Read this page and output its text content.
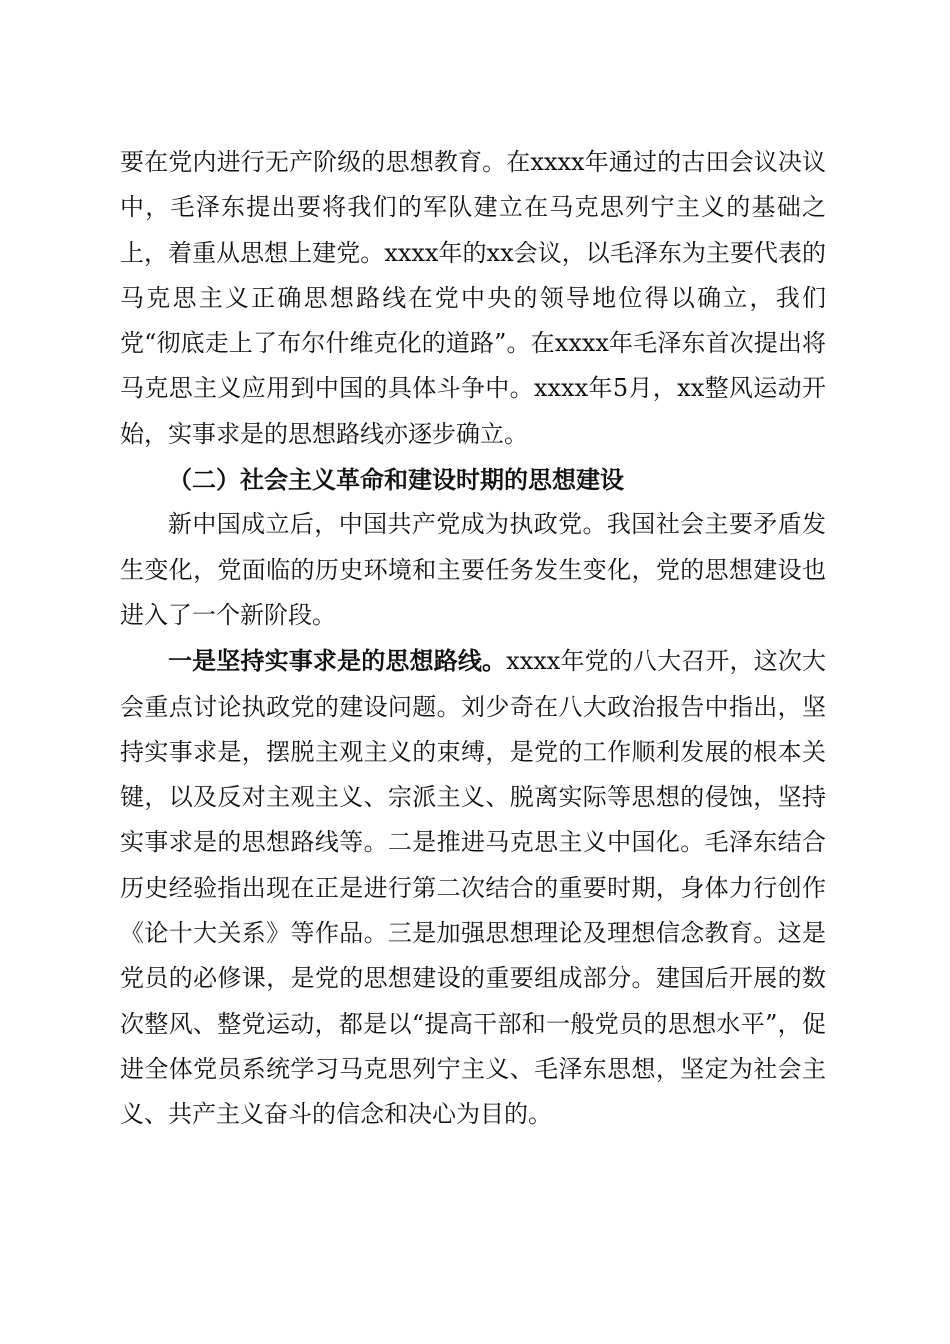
要在党内进行无产阶级的思想教育。在xxxx年通过的古田会议决议中，毛泽东提出要将我们的军队建立在马克思列宁主义的基础之上，着重从思想上建党。xxxx年的xx会议，以毛泽东为主要代表的马克思主义正确思想路线在党中央的领导地位得以确立，我们党“彻底走上了布尔什维克化的道路”。在xxxx年毛泽东首次提出将马克思主义应用到中国的具体斗争中。xxxx年5月，xx整风运动开始，实事求是的思想路线亦逐步确立。

（二）社会主义革命和建设时期的思想建设

新中国成立后，中国共产党成为执政党。我国社会主要矛盾发生变化，党面临的历史环境和主要任务发生变化，党的思想建设也进入了一个新阶段。

一是坚持实事求是的思想路线。xxxx年党的八大召开，这次大会重点讨论执政党的建设问题。刘少奇在八大政治报告中指出，坚持实事求是，摆脱主观主义的束缚，是党的工作顺利发展的根本关键，以及反对主观主义、宗派主义、脱离实际等思想的侵蚀，坚持实事求是的思想路线等。二是推进马克思主义中国化。毛泽东结合历史经验指出现在正是进行第二次结合的重要时期，身体力行创作《论十大关系》等作品。三是加强思想理论及理想信念教育。这是党员的必修课，是党的思想建设的重要组成部分。建国后开展的数次整风、整党运动，都是以“提高干部和一般党员的思想水平”，促进全体党员系统学习马克思列宁主义、毛泽东思想，坚定为社会主义、共产主义奋斗的信念和决心为目的。
